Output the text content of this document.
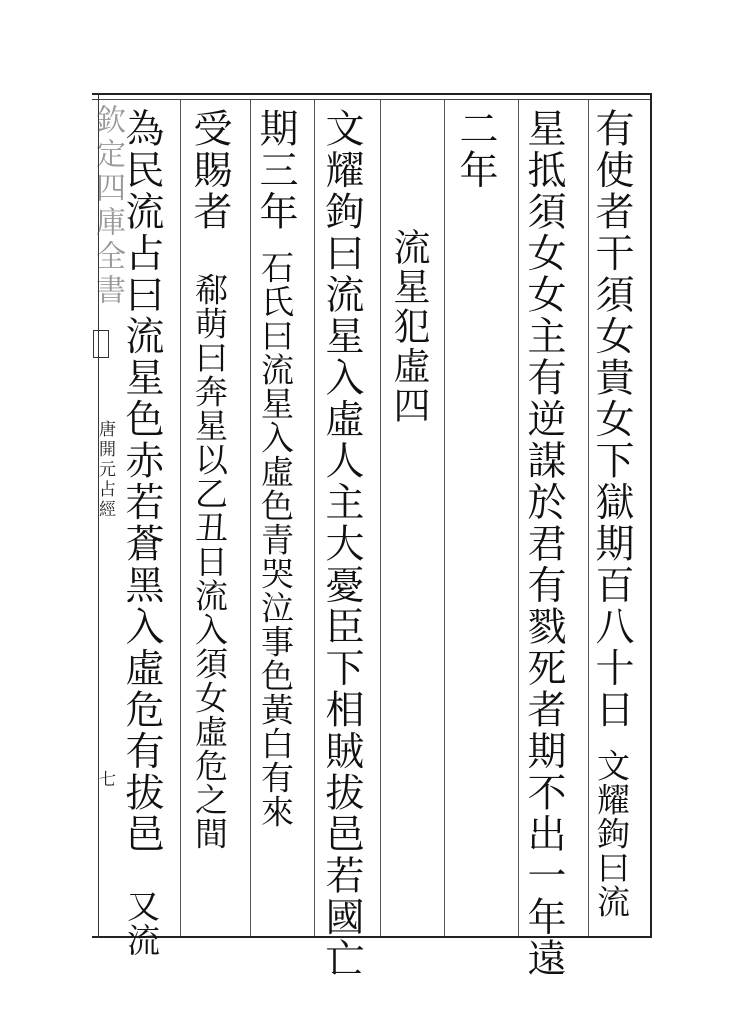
欽定四庫全書
唐開元占經
七
有使者干須女貴女下獄期百八十日文耀鉤曰流
星抵須女女主有逆謀於君有戮死者期不出一年遠
二年
流星犯虛四
文耀鉤曰流星入虛人主大憂臣下相賊拔邑若國亡
期三年石氏曰流星入虛色青哭泣事色黃白有來
受賜者郗萌曰奔星以乙丑日流入須女虛危之間
為民流占曰流星色赤若蒼黑入虛危有拔邑又流
